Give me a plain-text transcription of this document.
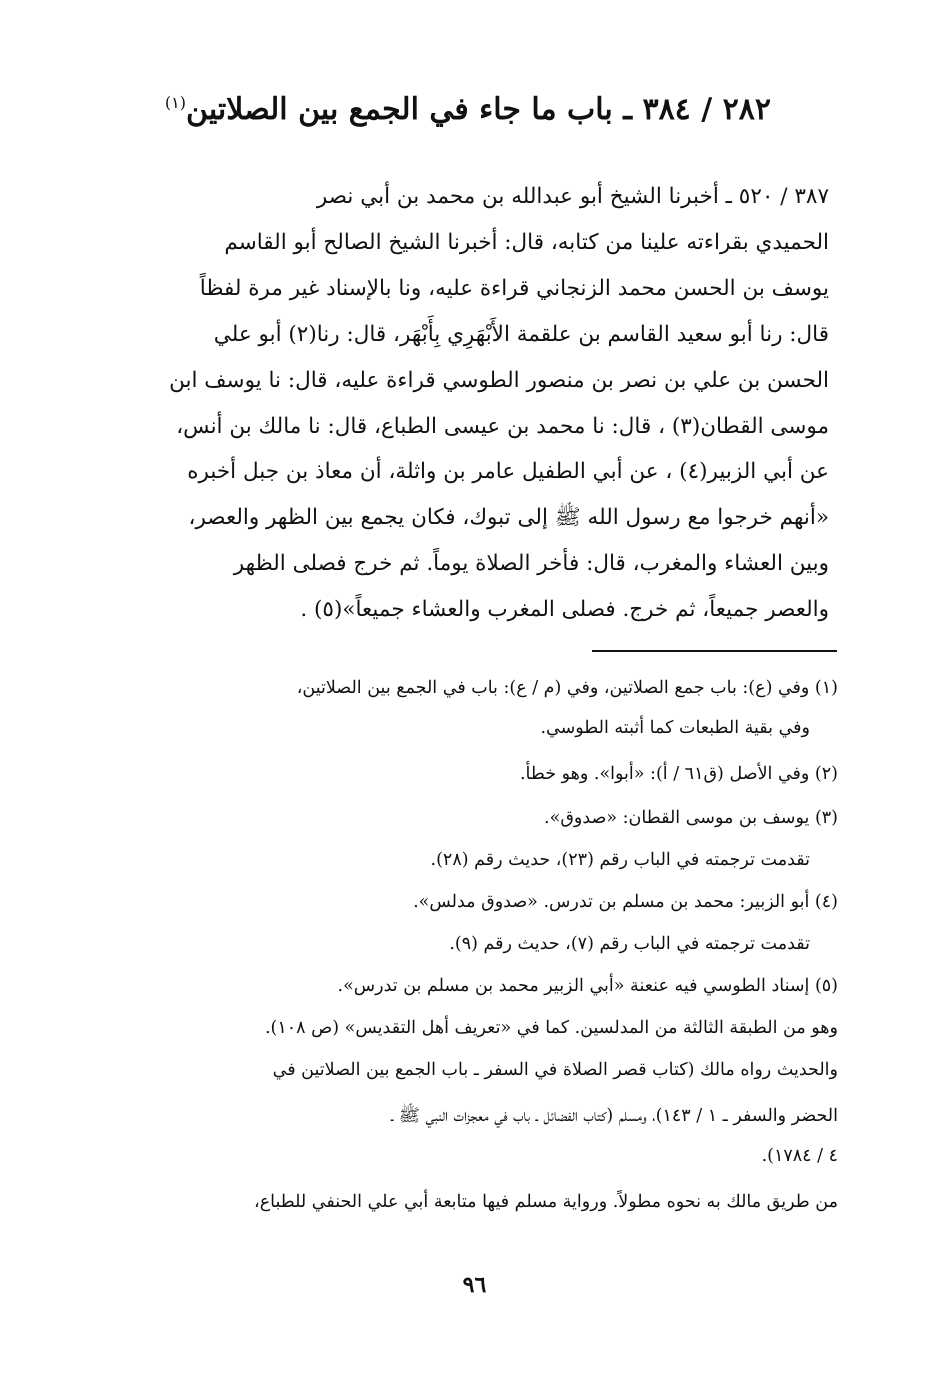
٢٨٢ / ٣٨٤ ـ باب ما جاء في الجمع بين الصلاتين$^{(١)}$
٣٨٧ / ٥٢٠ ـ أخبرنا الشيخ أبو عبدالله بن محمد بن أبي نصر
الحميدي بقراءته علينا من كتابه، قال: أخبرنا الشيخ الصالح أبو القاسم
يوسف بن الحسن محمد الزنجاني قراءة عليه، ونا بالإسناد غير مرة لفظاً
قال: رنا أبو سعيد القاسم بن علقمة الأَبْهَرِي بِأَبْهَر، قال: رنا(٢) أبو علي
الحسن بن علي بن نصر بن منصور الطوسي قراءة عليه، قال: نا يوسف ابن
موسى القطان(٣) ، قال: نا محمد بن عيسى الطباع، قال: نا مالك بن أنس،
عن أبي الزبير(٤) ، عن أبي الطفيل عامر بن واثلة، أن معاذ بن جبل أخبره
«أنهم خرجوا مع رسول الله ﷺ إلى تبوك، فكان يجمع بين الظهر والعصر،
وبين العشاء والمغرب، قال: فأخر الصلاة يوماً. ثم خرج فصلى الظهر
والعصر جميعاً، ثم خرج. فصلى المغرب والعشاء جميعاً»(٥) .
(١) وفي (ع): باب جمع الصلاتين، وفي (م / ع): باب في الجمع بين الصلاتين،
وفي بقية الطبعات كما أثبته الطوسي.
(٢) وفي الأصل (ق٦١ / أ): «أبوا». وهو خطأ.
(٣) يوسف بن موسى القطان: «صدوق».
تقدمت ترجمته في الباب رقم (٢٣)، حديث رقم (٢٨).
(٤) أبو الزبير: محمد بن مسلم بن تدرس. «صدوق مدلس».
تقدمت ترجمته في الباب رقم (٧)، حديث رقم (٩).
(٥) إسناد الطوسي فيه عنعنة «أبي الزبير محمد بن مسلم بن تدرس».
وهو من الطبقة الثالثة من المدلسين. كما في «تعريف أهل التقديس» (ص ١٠٨).
والحديث رواه مالك (كتاب قصر الصلاة في السفر ـ باب الجمع بين الصلاتين في
الحضر والسفر ـ ١ / ١٤٣)، ومسلم (كتاب الفضائل ـ باب في معجزات النبي ﷺ ـ
٤ / ١٧٨٤).
من طريق مالك به نحوه مطولاً. ورواية مسلم فيها متابعة أبي علي الحنفي للطباع،
٩٦
